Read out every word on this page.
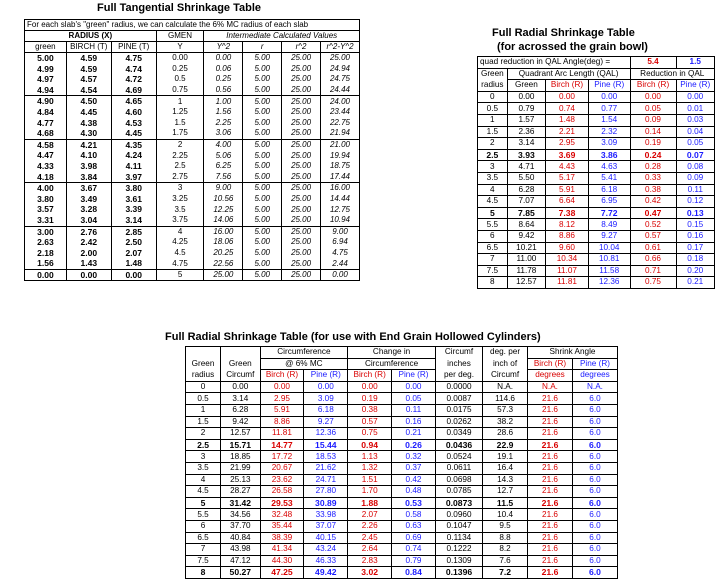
Full Tangential Shrinkage Table
Full Radial Shrinkage Table
(for acrossed the grain bowl)
Full Radial Shrinkage Table (for use with End Grain Hollowed Cylinders)
For each slab's "green" radius, we can calculate the 6% MC radius of each slab							
RADIUS (X)			GMEN	Intermediate Calculated Values			
green	BIRCH (T)	PINE (T)	Y	Y^2	r	r^2	r^2-Y^2
5.00	4.59	4.75	0.00	0.00	5.00	25.00	25.00
4.99	4.59	4.74	0.25	0.06	5.00	25.00	24.94
4.97	4.57	4.72	0.5	0.25	5.00	25.00	24.75
4.94	4.54	4.69	0.75	0.56	5.00	25.00	24.44
4.90	4.50	4.65	1	1.00	5.00	25.00	24.00
4.84	4.45	4.60	1.25	1.56	5.00	25.00	23.44
4.77	4.38	4.53	1.5	2.25	5.00	25.00	22.75
4.68	4.30	4.45	1.75	3.06	5.00	25.00	21.94
4.58	4.21	4.35	2	4.00	5.00	25.00	21.00
4.47	4.10	4.24	2.25	5.06	5.00	25.00	19.94
4.33	3.98	4.11	2.5	6.25	5.00	25.00	18.75
4.18	3.84	3.97	2.75	7.56	5.00	25.00	17.44
4.00	3.67	3.80	3	9.00	5.00	25.00	16.00
3.80	3.49	3.61	3.25	10.56	5.00	25.00	14.44
3.57	3.28	3.39	3.5	12.25	5.00	25.00	12.75
3.31	3.04	3.14	3.75	14.06	5.00	25.00	10.94
3.00	2.76	2.85	4	16.00	5.00	25.00	9.00
2.63	2.42	2.50	4.25	18.06	5.00	25.00	6.94
2.18	2.00	2.07	4.5	20.25	5.00	25.00	4.75
1.56	1.43	1.48	4.75	22.56	5.00	25.00	2.44
0.00	0.00	0.00	5	25.00	5.00	25.00	0.00
quad reduction in QAL Angle(deg) =				5.4	1.5
Green	Quadrant Arc Length (QAL)			Reduction in QAL	
radius	Green	Birch (R)	Pine (R)	Birch (R)	Pine (R)
0	0.00	0.00	0.00	0.00	0.00
0.5	0.79	0.74	0.77	0.05	0.01
1	1.57	1.48	1.54	0.09	0.03
1.5	2.36	2.21	2.32	0.14	0.04
2	3.14	2.95	3.09	0.19	0.05
2.5	3.93	3.69	3.86	0.24	0.07
3	4.71	4.43	4.63	0.28	0.08
3.5	5.50	5.17	5.41	0.33	0.09
4	6.28	5.91	6.18	0.38	0.11
4.5	7.07	6.64	6.95	0.42	0.12
5	7.85	7.38	7.72	0.47	0.13
5.5	8.64	8.12	8.49	0.52	0.15
6	9.42	8.86	9.27	0.57	0.16
6.5	10.21	9.60	10.04	0.61	0.17
7	11.00	10.34	10.81	0.66	0.18
7.5	11.78	11.07	11.58	0.71	0.20
8	12.57	11.81	12.36	0.75	0.21
		Circumference		Change in		Circumf	deg. per	Shrink Angle	
Green	Green	@ 6% MC		Circumference		inches	inch of	Birch (R)	Pine (R)
radius	Circumf	Birch (R)	Pine (R)	Birch (R)	Pine (R)	per deg.	Circumf	degrees	degrees
0	0.00	0.00	0.00	0.00	0.00	0.0000	N.A.	N.A.	N.A.
0.5	3.14	2.95	3.09	0.19	0.05	0.0087	114.6	21.6	6.0
1	6.28	5.91	6.18	0.38	0.11	0.0175	57.3	21.6	6.0
1.5	9.42	8.86	9.27	0.57	0.16	0.0262	38.2	21.6	6.0
2	12.57	11.81	12.36	0.75	0.21	0.0349	28.6	21.6	6.0
2.5	15.71	14.77	15.44	0.94	0.26	0.0436	22.9	21.6	6.0
3	18.85	17.72	18.53	1.13	0.32	0.0524	19.1	21.6	6.0
3.5	21.99	20.67	21.62	1.32	0.37	0.0611	16.4	21.6	6.0
4	25.13	23.62	24.71	1.51	0.42	0.0698	14.3	21.6	6.0
4.5	28.27	26.58	27.80	1.70	0.48	0.0785	12.7	21.6	6.0
5	31.42	29.53	30.89	1.88	0.53	0.0873	11.5	21.6	6.0
5.5	34.56	32.48	33.98	2.07	0.58	0.0960	10.4	21.6	6.0
6	37.70	35.44	37.07	2.26	0.63	0.1047	9.5	21.6	6.0
6.5	40.84	38.39	40.15	2.45	0.69	0.1134	8.8	21.6	6.0
7	43.98	41.34	43.24	2.64	0.74	0.1222	8.2	21.6	6.0
7.5	47.12	44.30	46.33	2.83	0.79	0.1309	7.6	21.6	6.0
8	50.27	47.25	49.42	3.02	0.84	0.1396	7.2	21.6	6.0
